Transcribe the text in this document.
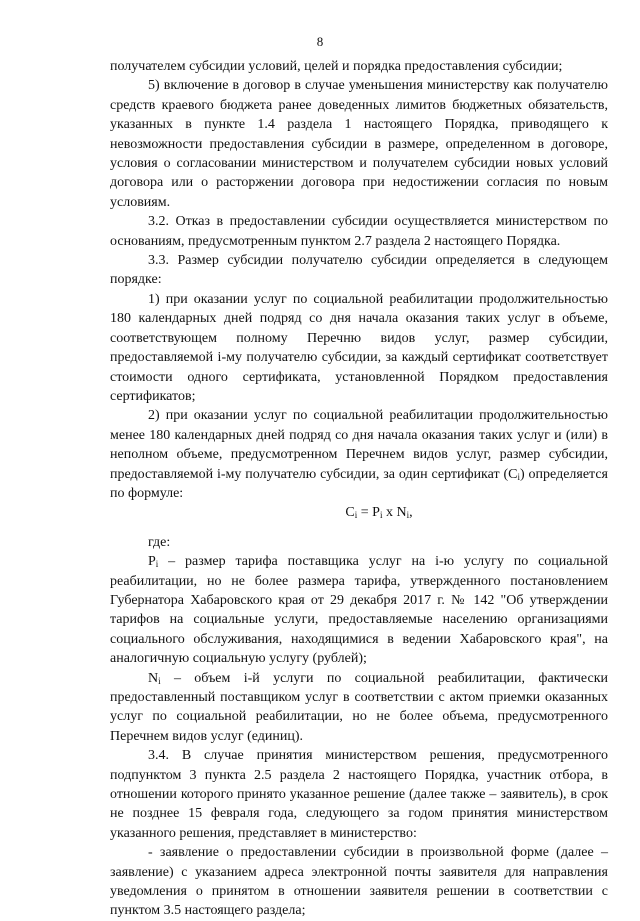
8

получателем субсидии условий, целей и порядка предоставления субсидии;

5) включение в договор в случае уменьшения министерству как получателю средств краевого бюджета ранее доведенных лимитов бюджетных обязательств, указанных в пункте 1.4 раздела 1 настоящего Порядка, приводящего к невозможности предоставления субсидии в размере, определенном в договоре, условия о согласовании министерством и получателем субсидии новых условий договора или о расторжении договора при недостижении согласия по новым условиям.

3.2. Отказ в предоставлении субсидии осуществляется министерством по основаниям, предусмотренным пунктом 2.7 раздела 2 настоящего Порядка.

3.3. Размер субсидии получателю субсидии определяется в следующем порядке:

1) при оказании услуг по социальной реабилитации продолжительностью 180 календарных дней подряд со дня начала оказания таких услуг в объеме, соответствующем полному Перечню видов услуг, размер субсидии, предоставляемой i-му получателю субсидии, за каждый сертификат соответствует стоимости одного сертификата, установленной Порядком предоставления сертификатов;

2) при оказании услуг по социальной реабилитации продолжительностью менее 180 календарных дней подряд со дня начала оказания таких услуг и (или) в неполном объеме, предусмотренном Перечнем видов услуг, размер субсидии, предоставляемой i-му получателю субсидии, за один сертификат $(C_i)$ определяется по формуле:

$C_i = P_i$ x $N_i$,

где:

$P_i$ – размер тарифа поставщика услуг на i-ю услугу по социальной реабилитации, но не более размера тарифа, утвержденного постановлением Губернатора Хабаровского края от 29 декабря 2017 г. № 142 "Об утверждении тарифов на социальные услуги, предоставляемые населению организациями социального обслуживания, находящимися в ведении Хабаровского края", на аналогичную социальную услугу (рублей);

$N_i$ – объем i-й услуги по социальной реабилитации, фактически предоставленный поставщиком услуг в соответствии с актом приемки оказанных услуг по социальной реабилитации, но не более объема, предусмотренного Перечнем видов услуг (единиц).

3.4. В случае принятия министерством решения, предусмотренного подпунктом 3 пункта 2.5 раздела 2 настоящего Порядка, участник отбора, в отношении которого принято указанное решение (далее также – заявитель), в срок не позднее 15 февраля года, следующего за годом принятия министерством указанного решения, представляет в министерство:

- заявление о предоставлении субсидии в произвольной форме (далее – заявление) с указанием адреса электронной почты заявителя для направления уведомления о принятом в отношении заявителя решении в соответствии с пунктом 3.5 настоящего раздела;
